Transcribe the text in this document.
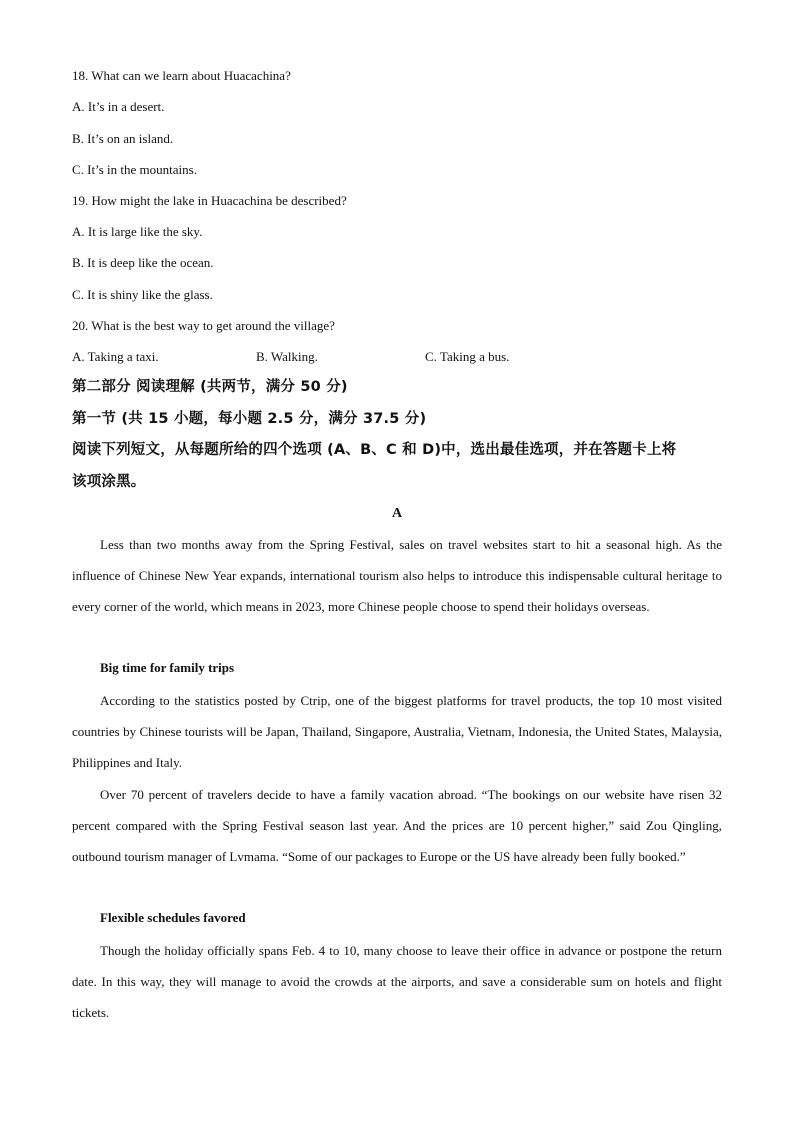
18. What can we learn about Huacachina?
A. It’s in a desert.
B. It’s on an island.
C. It’s in the mountains.
19. How might the lake in Huacachina be described?
A. It is large like the sky.
B. It is deep like the ocean.
C. It is shiny like the glass.
20. What is the best way to get around the village?
A. Taking a taxi.	B. Walking.	C. Taking a bus.
第二部分 阅读理解 (共两节，满分 50 分)
第一节 (共 15 小题，每小题 2.5 分，满分 37.5 分)
阅读下列短文，从每题所给的四个选项 (A、B、C 和 D)中，选出最佳选项，并在答题卡上将
该项涂黑。
A
Less than two months away from the Spring Festival, sales on travel websites start to hit a seasonal high. As the influence of Chinese New Year expands, international tourism also helps to introduce this indispensable cultural heritage to every corner of the world, which means in 2023, more Chinese people choose to spend their holidays overseas.
Big time for family trips
According to the statistics posted by Ctrip, one of the biggest platforms for travel products, the top 10 most visited countries by Chinese tourists will be Japan, Thailand, Singapore, Australia, Vietnam, Indonesia, the United States, Malaysia, Philippines and Italy.
Over 70 percent of travelers decide to have a family vacation abroad. “The bookings on our website have risen 32 percent compared with the Spring Festival season last year. And the prices are 10 percent higher,” said Zou Qingling, outbound tourism manager of Lvmama. “Some of our packages to Europe or the US have already been fully booked.”
Flexible schedules favored
Though the holiday officially spans Feb. 4 to 10, many choose to leave their office in advance or postpone the return date. In this way, they will manage to avoid the crowds at the airports, and save a considerable sum on hotels and flight tickets.
